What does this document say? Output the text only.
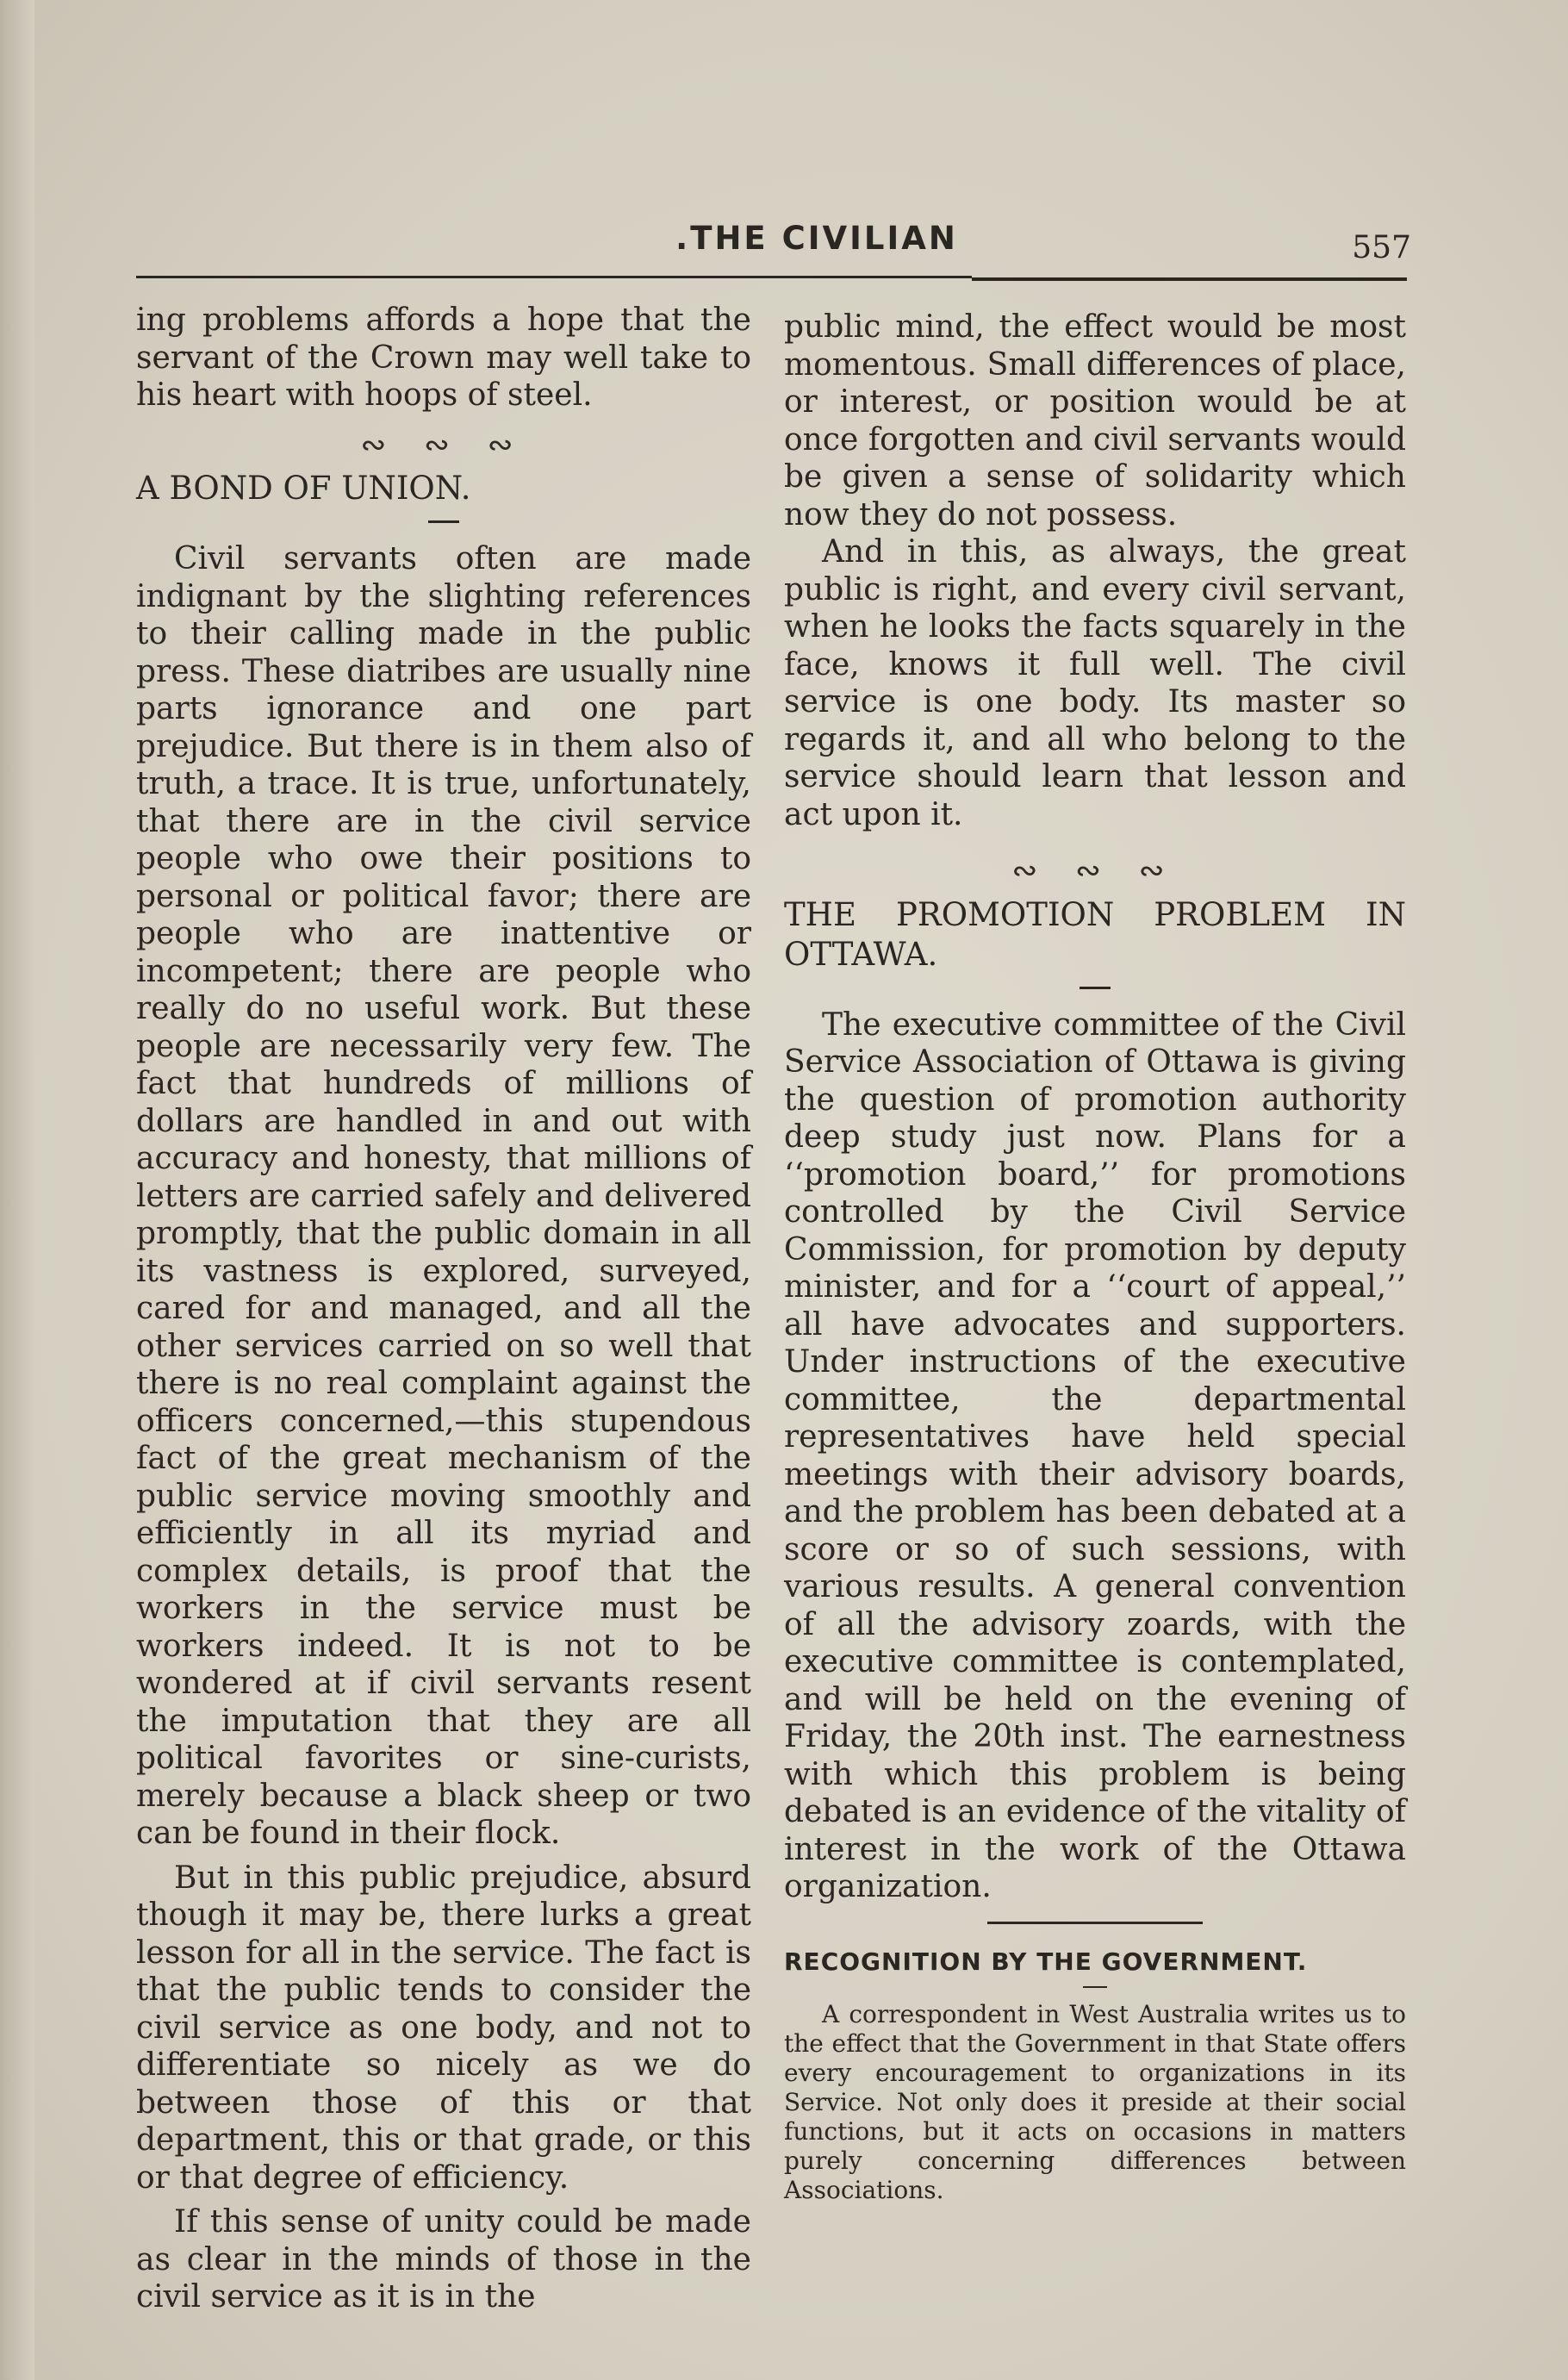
.THE CIVILIAN	557

ing problems affords a hope that the servant of the Crown may well take to his heart with hoops of steel.

∾ ∾ ∾

A BOND OF UNION.

Civil servants often are made indignant by the slighting references to their calling made in the public press. These diatribes are usually nine parts ignorance and one part prejudice. But there is in them also of truth, a trace. It is true, unfortunately, that there are in the civil service people who owe their positions to personal or political favor; there are people who are inattentive or incompetent; there are people who really do no useful work. But these people are necessarily very few. The fact that hundreds of millions of dollars are handled in and out with accuracy and honesty, that millions of letters are carried safely and delivered promptly, that the public domain in all its vastness is explored, surveyed, cared for and managed, and all the other services carried on so well that there is no real complaint against the officers concerned,—this stupendous fact of the great mechanism of the public service moving smoothly and efficiently in all its myriad and complex details, is proof that the workers in the service must be workers indeed. It is not to be wondered at if civil servants resent the imputation that they are all political favorites or sine-curists, merely because a black sheep or two can be found in their flock.

But in this public prejudice, absurd though it may be, there lurks a great lesson for all in the service. The fact is that the public tends to consider the civil service as one body, and not to differentiate so nicely as we do between those of this or that department, this or that grade, or this or that degree of efficiency.

If this sense of unity could be made as clear in the minds of those in the civil service as it is in the

public mind, the effect would be most momentous. Small differences of place, or interest, or position would be at once forgotten and civil servants would be given a sense of solidarity which now they do not possess.

And in this, as always, the great public is right, and every civil servant, when he looks the facts squarely in the face, knows it full well. The civil service is one body. Its master so regards it, and all who belong to the service should learn that lesson and act upon it.

∾ ∾ ∾

THE PROMOTION PROBLEM IN OTTAWA.

The executive committee of the Civil Service Association of Ottawa is giving the question of promotion authority deep study just now. Plans for a ‘‘promotion board,’’ for promotions controlled by the Civil Service Commission, for promotion by deputy minister, and for a ‘‘court of appeal,’’ all have advocates and supporters. Under instructions of the executive committee, the departmental representatives have held special meetings with their advisory boards, and the problem has been debated at a score or so of such sessions, with various results. A general convention of all the advisory zoards, with the executive committee is contemplated, and will be held on the evening of Friday, the 20th inst. The earnestness with which this problem is being debated is an evidence of the vitality of interest in the work of the Ottawa organization.

RECOGNITION BY THE GOVERNMENT.

A correspondent in West Australia writes us to the effect that the Government in that State offers every encouragement to organizations in its Service. Not only does it preside at their social functions, but it acts on occasions in matters purely concerning differences between Associations.
